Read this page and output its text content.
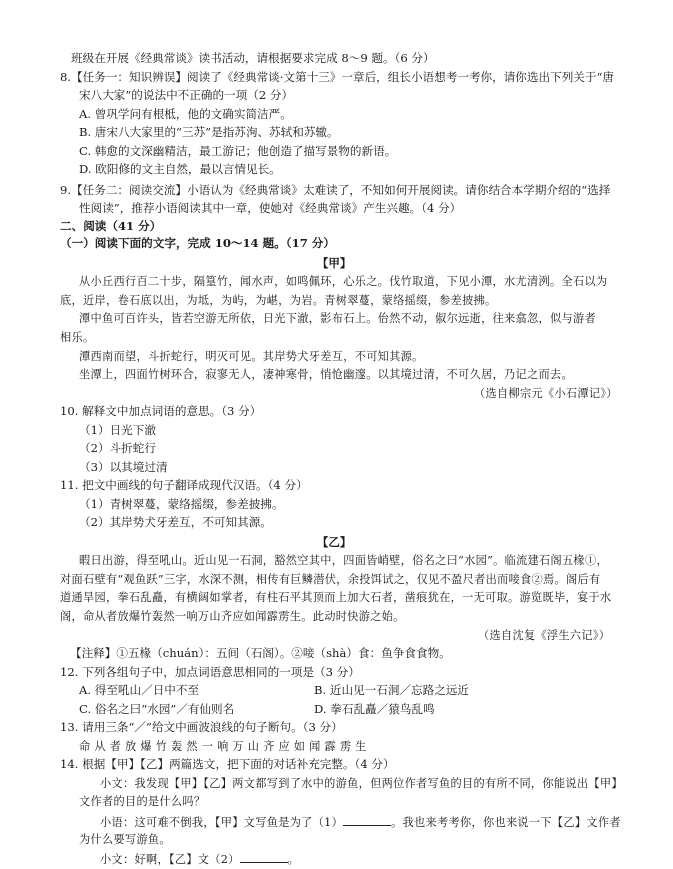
班级在开展《经典常谈》读书活动，请根据要求完成 8～9 题。（6 分）
8.【任务一：知识辨误】阅读了《经典常谈·文第十三》一章后，组长小语想考一考你，请你选出下列关于“唐
宋八大家”的说法中不正确的一项（2 分）
A. 曾巩学问有根柢，他的文确实简洁严。
B. 唐宋八大家里的“三苏”是指苏洵、苏轼和苏辙。
C. 韩愈的文深幽精洁，最工游记；他创造了描写景物的新语。
D. 欧阳修的文主自然，最以言情见长。
9.【任务二：阅读交流】小语认为《经典常谈》太难读了，不知如何开展阅读。请你结合本学期介绍的“选择
性阅读”，推荐小语阅读其中一章，使她对《经典常谈》产生兴趣。（4 分）
二、阅读（41 分）
（一）阅读下面的文字，完成 10～14 题。（17 分）
【甲】
从小丘西行百二十步，隔篁竹，闻水声，如鸣佩环，心乐之。伐竹取道，下见小潭，水尤清洌。全石以为
底，近岸，卷石底以出，为坻，为屿，为嵁，为岩。青树翠蔓，蒙络摇缀，参差披拂。
潭中鱼可百许头，皆若空游无所依，日光下澈，影布石上。佁然不动，俶尔远逝，往来翕忽，似与游者
相乐。
潭西南而望，斗折蛇行，明灭可见。其岸势犬牙差互，不可知其源。
坐潭上，四面竹树环合，寂寥无人，凄神寒骨，悄怆幽邃。以其境过清，不可久居，乃记之而去。
（选自柳宗元《小石潭记》）
10. 解释文中加点词语的意思。（3 分）
（1）日光下澈
（2）斗折蛇行
（3）以其境过清
11. 把文中画线的句子翻译成现代汉语。（4 分）
（1）青树翠蔓，蒙络摇缀，参差披拂。
（2）其岸势犬牙差互，不可知其源。
【乙】
暇日出游，得至吼山。近山见一石洞，豁然空其中，四面皆峭壁，俗名之曰“水园”。临流建石阁五椽①，
对面石壁有“观鱼跃”三字，水深不测，相传有巨鳞潜伏，余投饵试之，仅见不盈尺者出而唼食②焉。阁后有
道通旱园，拳石乱矗，有横阔如掌者，有柱石平其顶而上加大石者，凿痕犹在，一无可取。游览既毕，宴于水
阁，命从者放爆竹轰然一响万山齐应如闻霹雳生。此动时快游之始。
（选自沈复《浮生六记》）
【注释】①五椽（chuán）：五间（石阁）。②唼（shà）食：鱼争食食物。
12. 下列各组句子中，加点词语意思相同的一项是（3 分）
A. 得至吼山／日中不至	B. 近山见一石洞／忘路之远近
C. 俗名之曰“水园”／有仙则名	D. 拳石乱矗／猿鸟乱鸣
13. 请用三条“／”给文中画波浪线的句子断句。（3 分）
命 从 者 放 爆 竹 轰 然 一 响 万 山 齐 应 如 闻 霹 雳 生
14. 根据【甲】【乙】两篇选文，把下面的对话补充完整。（4 分）
小文：我发现【甲】【乙】两文都写到了水中的游鱼，但两位作者写鱼的目的有所不同，你能说出【甲】
文作者的目的是什么吗？
小语：这可难不倒我，【甲】文写鱼是为了（1）	。我也来考考你，你也来说一下【乙】文作者
为什么要写游鱼。
小文：好啊，【乙】文（2）	。
